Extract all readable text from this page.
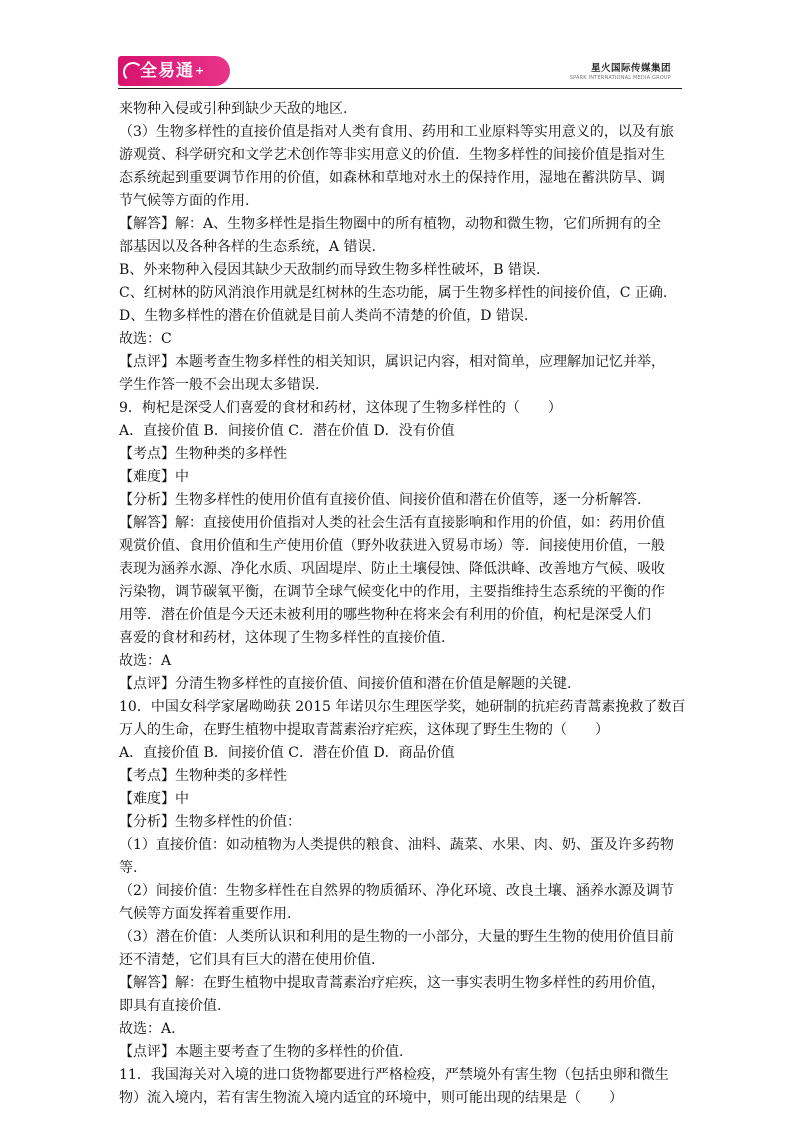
全易通+	星火国际传媒集团
SPARK INTERNATIONAL MEDIA GROUP

来物种入侵或引种到缺少天敌的地区.

（3）生物多样性的直接价值是指对人类有食用、药用和工业原料等实用意义的，以及有旅

游观赏、科学研究和文学艺术创作等非实用意义的价值．生物多样性的间接价值是指对生

态系统起到重要调节作用的价值，如森林和草地对水土的保持作用，湿地在蓄洪防旱、调

节气候等方面的作用.

【解答】解：A、生物多样性是指生物圈中的所有植物，动物和微生物，它们所拥有的全

部基因以及各种各样的生态系统，A 错误.

B、外来物种入侵因其缺少天敌制约而导致生物多样性破坏，B 错误.

C、红树林的防风消浪作用就是红树林的生态功能，属于生物多样性的间接价值，C 正确.

D、生物多样性的潜在价值就是目前人类尚不清楚的价值，D 错误.

故选：C

【点评】本题考查生物多样性的相关知识，属识记内容，相对简单，应理解加记忆并举，

学生作答一般不会出现太多错误.

9．枸杞是深受人们喜爱的食材和药材，这体现了生物多样性的（　　）

A．直接价值 B．间接价值 C．潜在价值 D．没有价值

【考点】生物种类的多样性

【难度】中

【分析】生物多样性的使用价值有直接价值、间接价值和潜在价值等，逐一分析解答.

【解答】解：直接使用价值指对人类的社会生活有直接影响和作用的价值，如：药用价值

观赏价值、食用价值和生产使用价值（野外收获进入贸易市场）等．间接使用价值，一般

表现为涵养水源、净化水质、巩固堤岸、防止土壤侵蚀、降低洪峰、改善地方气候、吸收

污染物，调节碳氧平衡，在调节全球气候变化中的作用，主要指维持生态系统的平衡的作

用等．潜在价值是今天还未被利用的哪些物种在将来会有利用的价值，枸杞是深受人们

喜爱的食材和药材，这体现了生物多样性的直接价值.

故选：A

【点评】分清生物多样性的直接价值、间接价值和潜在价值是解题的关键.

10．中国女科学家屠呦呦获 2015 年诺贝尔生理医学奖，她研制的抗疟药青蒿素挽救了数百

万人的生命，在野生植物中提取青蒿素治疗疟疾，这体现了野生生物的（　　）

A．直接价值 B．间接价值 C．潜在价值 D．商品价值

【考点】生物种类的多样性

【难度】中

【分析】生物多样性的价值：

（1）直接价值：如动植物为人类提供的粮食、油料、蔬菜、水果、肉、奶、蛋及许多药物

等.

（2）间接价值：生物多样性在自然界的物质循环、净化环境、改良土壤、涵养水源及调节

气候等方面发挥着重要作用.

（3）潜在价值：人类所认识和利用的是生物的一小部分，大量的野生生物的使用价值目前

还不清楚，它们具有巨大的潜在使用价值.

【解答】解：在野生植物中提取青蒿素治疗疟疾，这一事实表明生物多样性的药用价值，

即具有直接价值.

故选：A.

【点评】本题主要考查了生物的多样性的价值.

11．我国海关对入境的进口货物都要进行严格检疫，严禁境外有害生物（包括虫卵和微生

物）流入境内，若有害生物流入境内适宜的环境中，则可能出现的结果是（　　）
